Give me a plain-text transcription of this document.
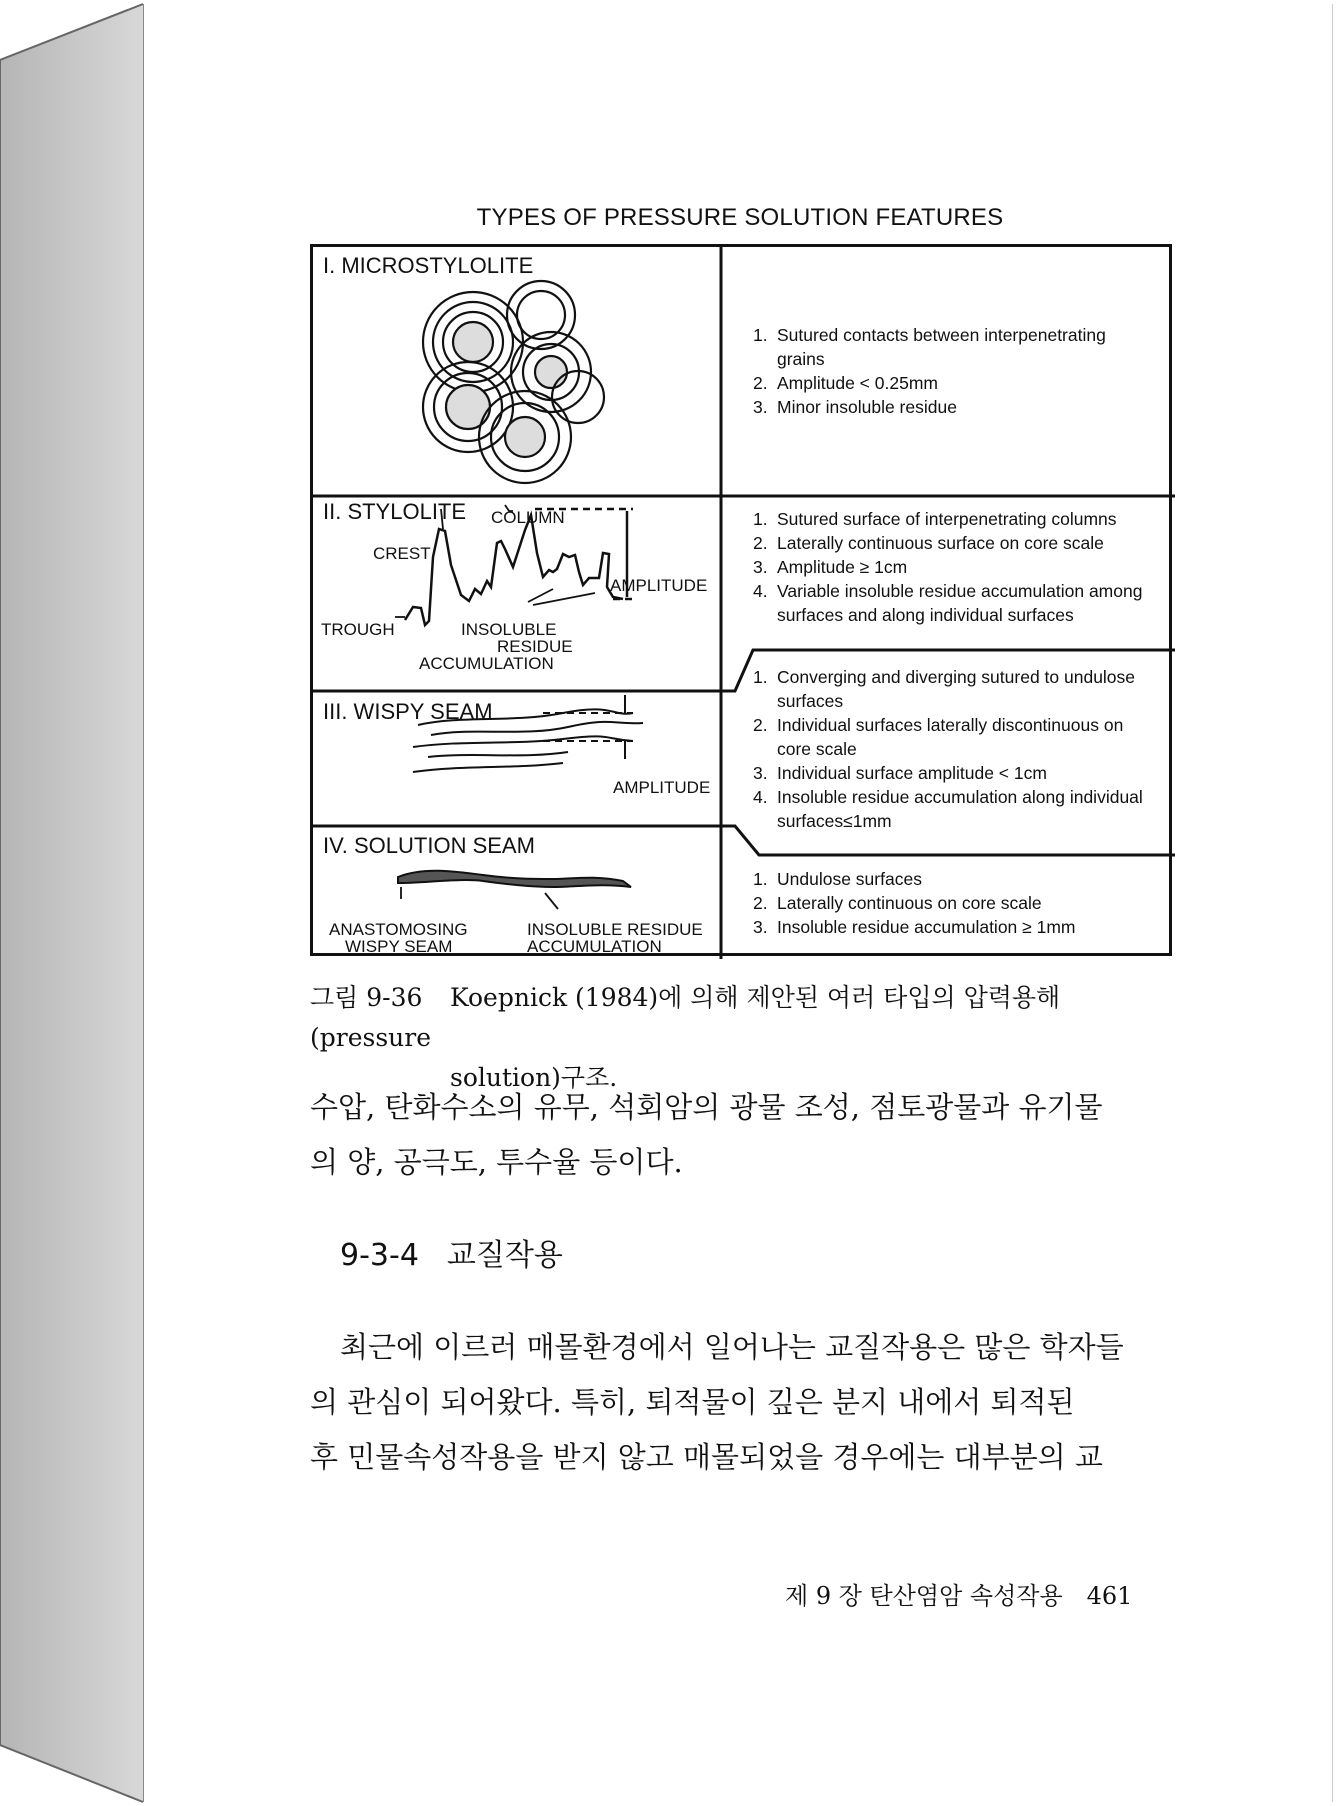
TYPES OF PRESSURE SOLUTION FEATURES
I. MICROSTYLOLITE
II. STYLOLITE
III. WISPY SEAM
IV. SOLUTION SEAM
COLUMN
CREST
TROUGH
AMPLITUDE
INSOLUBLE
RESIDUE
ACCUMULATION
AMPLITUDE
ANASTOMOSING
WISPY SEAM
INSOLUBLE RESIDUE
ACCUMULATION
1. Sutured contacts between interpenetrating grains
2. Amplitude < 0.25mm
3. Minor insoluble residue
1. Sutured surface of interpenetrating columns
2. Laterally continuous surface on core scale
3. Amplitude ≥ 1cm
4. Variable insoluble residue accumulation among surfaces and along individual surfaces
1. Converging and diverging sutured to undulose surfaces
2. Individual surfaces laterally discontinuous on core scale
3. Individual surface amplitude < 1cm
4. Insoluble residue accumulation along individual surfaces≤1mm
1. Undulose surfaces
2. Laterally continuous on core scale
3. Insoluble residue accumulation ≥ 1mm
그림 9-36 Koepnick (1984)에 의해 제안된 여러 타입의 압력용해(pressure
solution)구조.
수압, 탄화수소의 유무, 석회암의 광물 조성, 점토광물과 유기물
의 양, 공극도, 투수율 등이다.
9-3-4 교질작용
최근에 이르러 매몰환경에서 일어나는 교질작용은 많은 학자들
의 관심이 되어왔다. 특히, 퇴적물이 깊은 분지 내에서 퇴적된
후 민물속성작용을 받지 않고 매몰되었을 경우에는 대부분의 교
제 9 장 탄산염암 속성작용 461
